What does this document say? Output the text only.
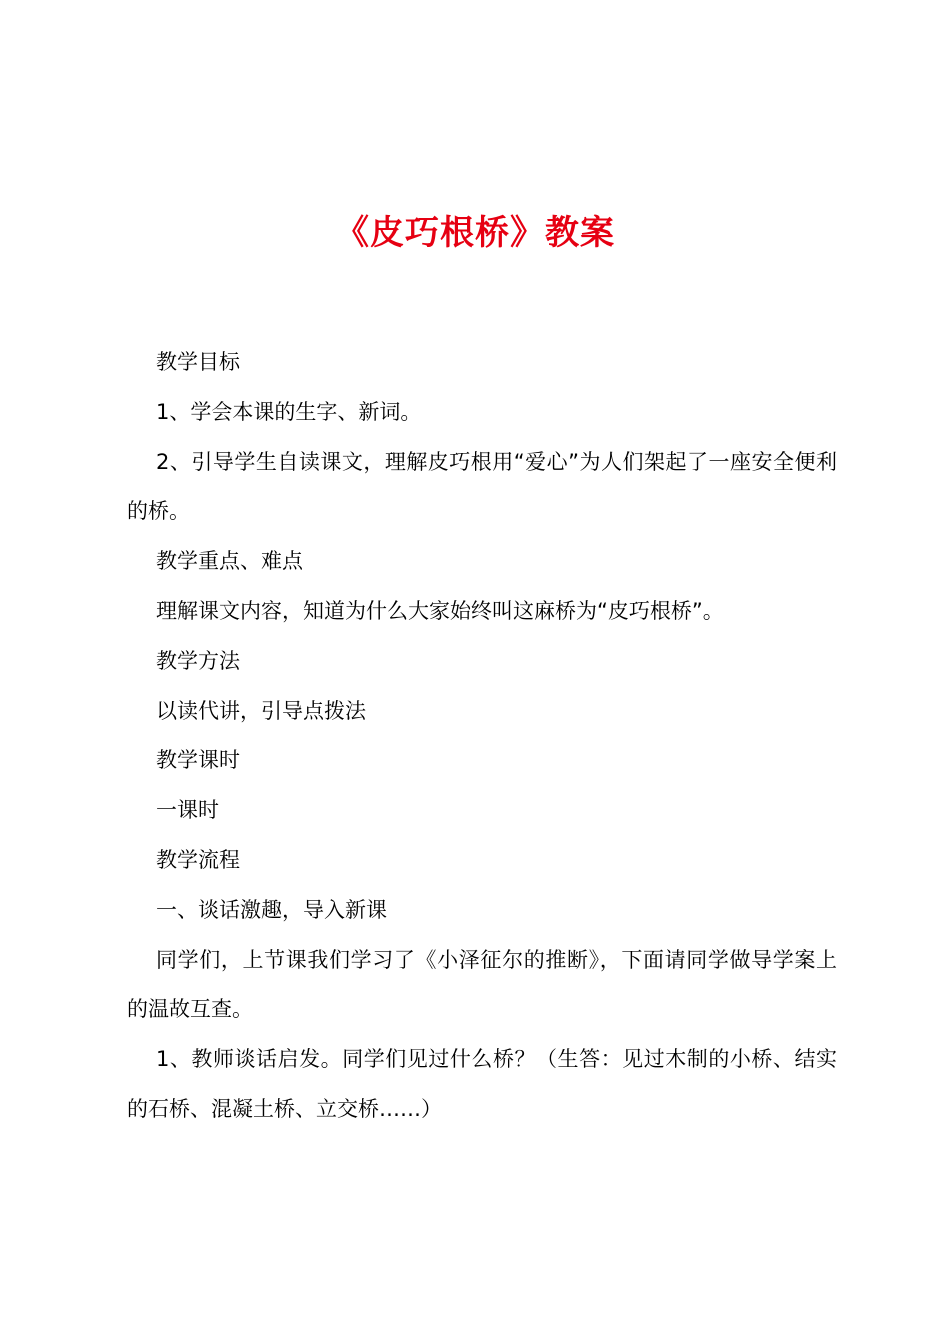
《皮巧根桥》教案

教学目标

1、学会本课的生字、新词。

2、引导学生自读课文，理解皮巧根用“爱心”为人们架起了一座安全便利的桥。

教学重点、难点

理解课文内容，知道为什么大家始终叫这麻桥为“皮巧根桥”。

教学方法

以读代讲，引导点拨法

教学课时

一课时

教学流程

一、谈话激趣，导入新课

同学们，上节课我们学习了《小泽征尔的推断》，下面请同学做导学案上的温故互查。

1、教师谈话启发。同学们见过什么桥？（生答：见过木制的小桥、结实的石桥、混凝土桥、立交桥……）
